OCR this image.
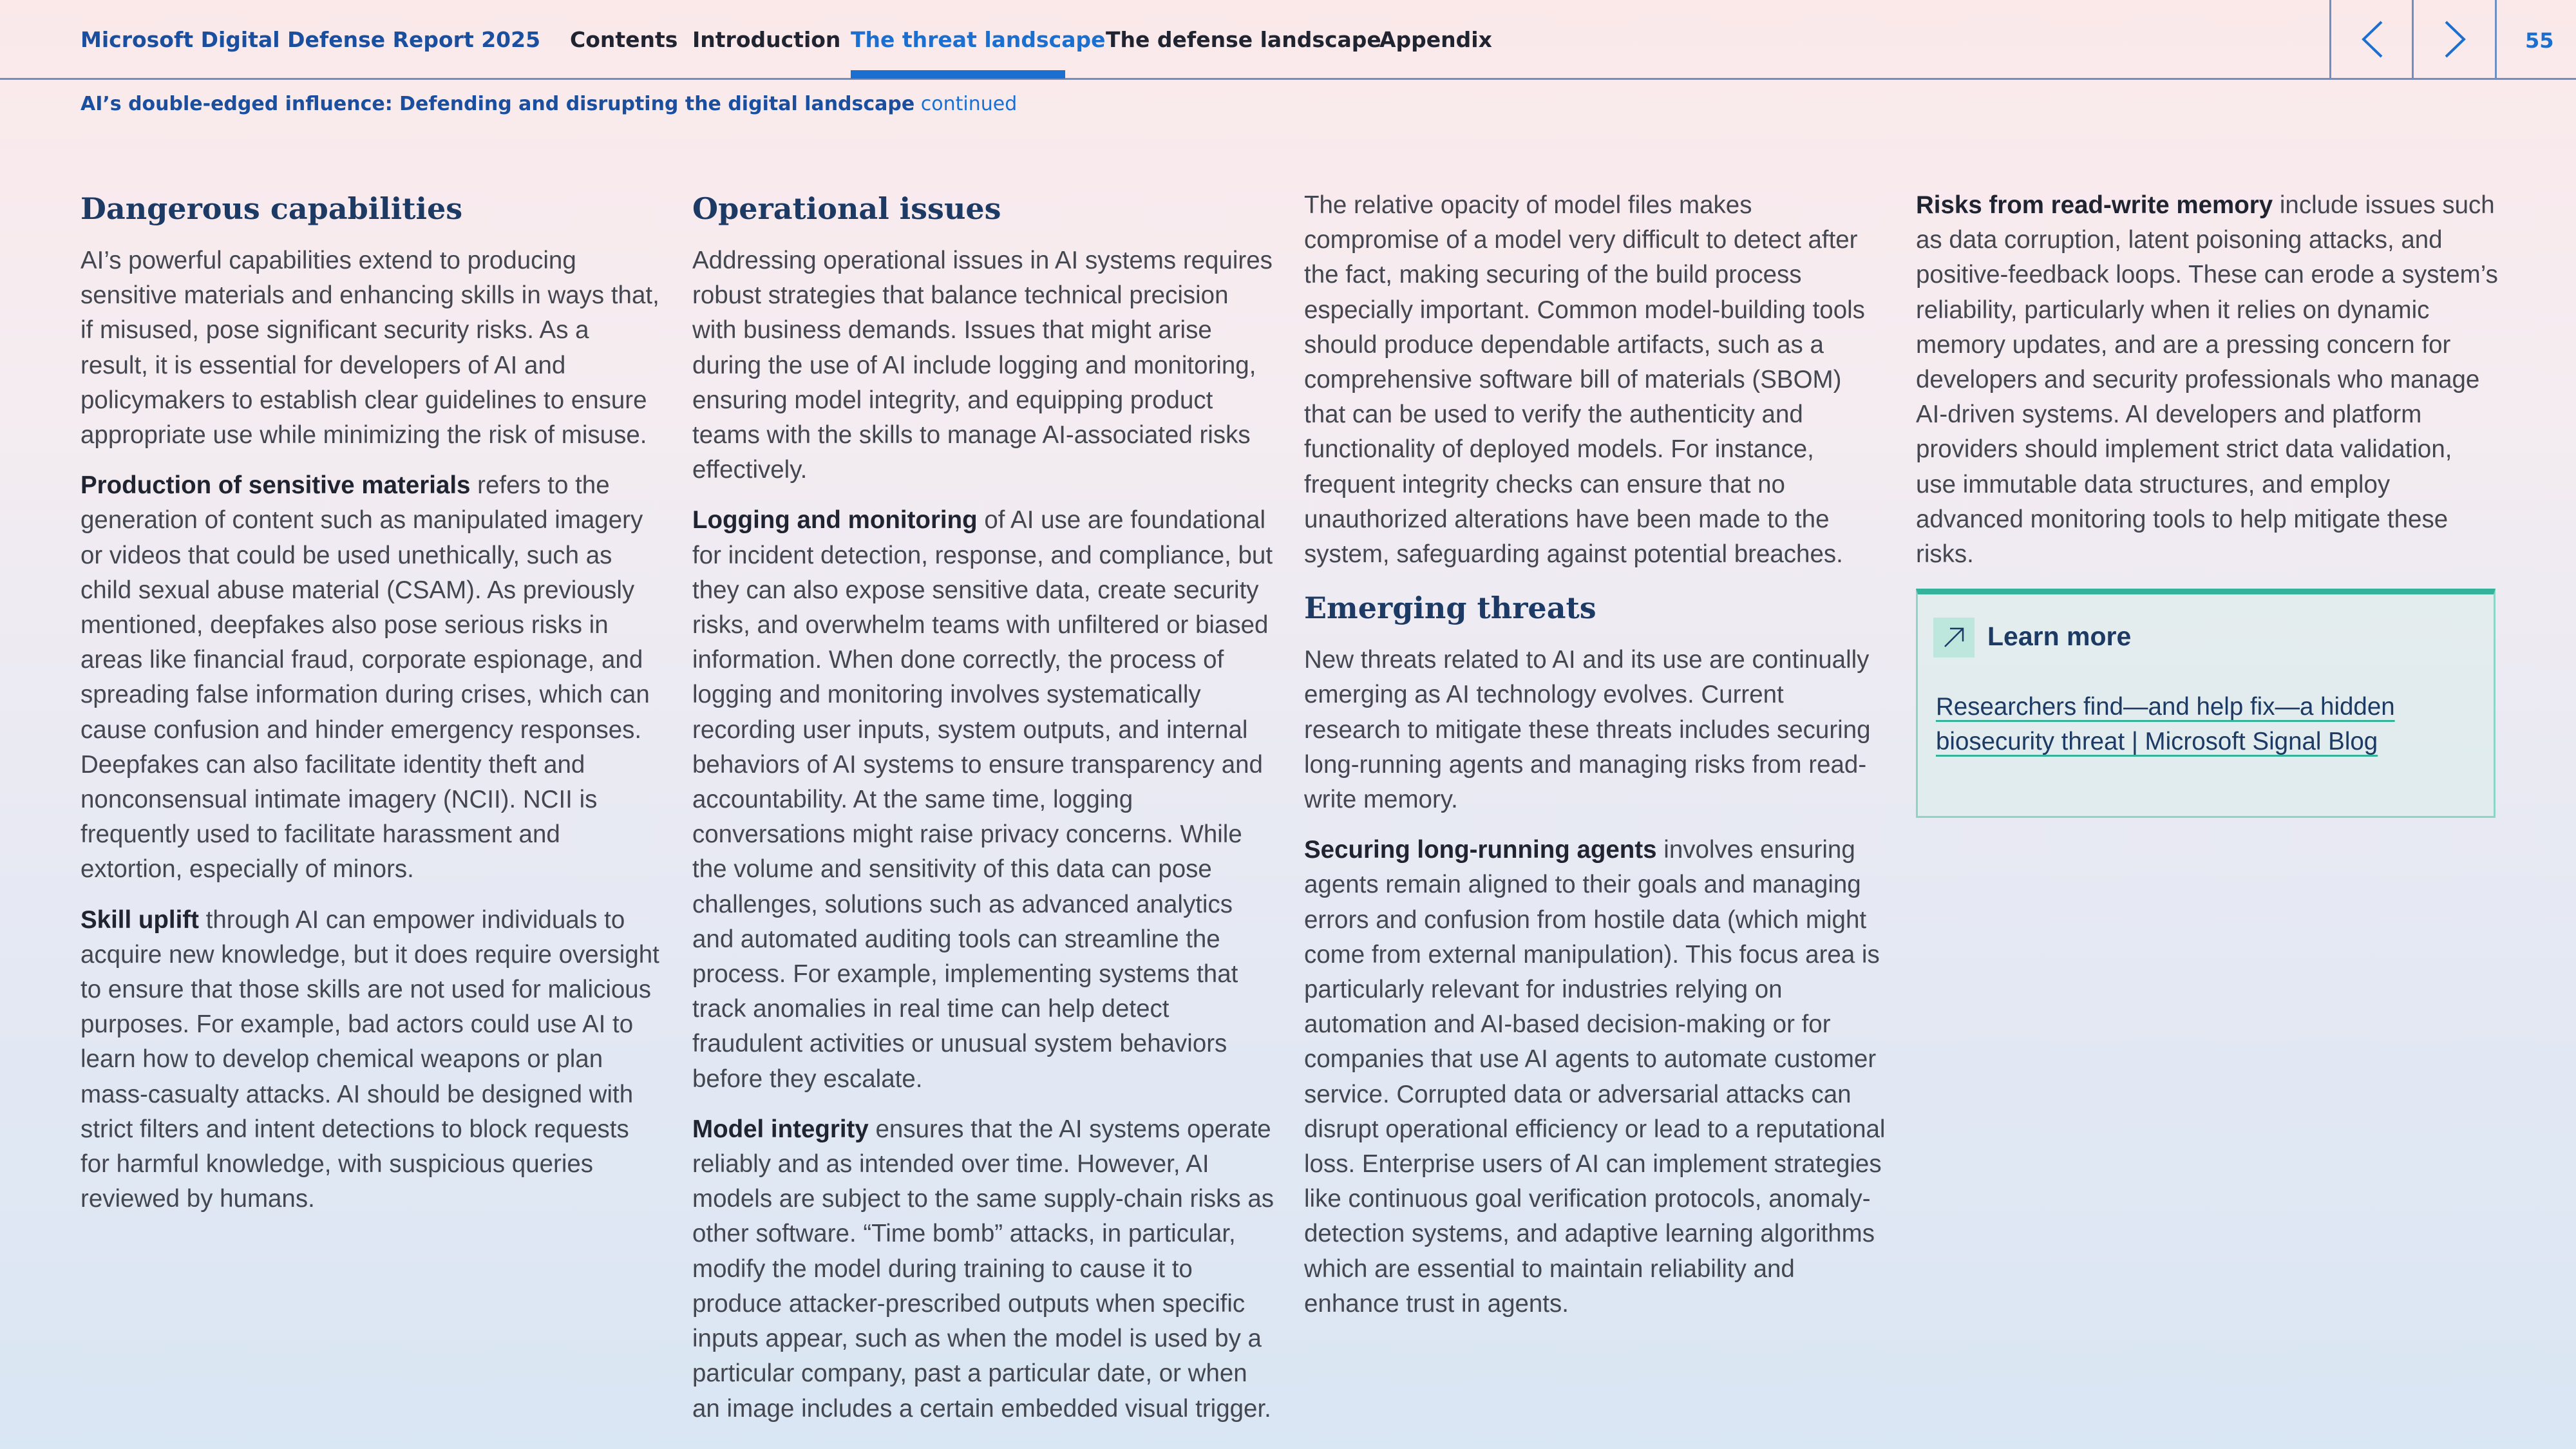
Microsoft Digital Defense Report 2025 Contents Introduction The threat landscape The defense landscape
Appendix	55
AI’s double-edged influence: Defending and disrupting the digital landscape continued
Dangerous capabilities

AI’s powerful capabilities extend to producing sensitive materials and enhancing skills in ways that, if misused, pose significant security risks. As a result, it is essential for developers of AI and policymakers to establish clear guidelines to ensure appropriate use while minimizing the risk of misuse.

Production of sensitive materials refers to the generation of content such as manipulated imagery or videos that could be used unethically, such as child sexual abuse material (CSAM). As previously mentioned, deepfakes also pose serious risks in areas like financial fraud, corporate espionage, and spreading false information during crises, which can cause confusion and hinder emergency responses. Deepfakes can also facilitate identity theft and nonconsensual intimate imagery (NCII). NCII is frequently used to facilitate harassment and extortion, especially of minors.

Skill uplift through AI can empower individuals to acquire new knowledge, but it does require oversight to ensure that those skills are not used for malicious purposes. For example, bad actors could use AI to learn how to develop chemical weapons or plan mass-casualty attacks. AI should be designed with strict filters and intent detections to block requests for harmful knowledge, with suspicious queries reviewed by humans.

Operational issues

Addressing operational issues in AI systems requires robust strategies that balance technical precision with business demands. Issues that might arise during the use of AI include logging and monitoring, ensuring model integrity, and equipping product teams with the skills to manage AI-associated risks effectively.

Logging and monitoring of AI use are foundational for incident detection, response, and compliance, but they can also expose sensitive data, create security risks, and overwhelm teams with unfiltered or biased information. When done correctly, the process of logging and monitoring involves systematically recording user inputs, system outputs, and internal behaviors of AI systems to ensure transparency and accountability. At the same time, logging conversations might raise privacy concerns. While the volume and sensitivity of this data can pose challenges, solutions such as advanced analytics and automated auditing tools can streamline the process. For example, implementing systems that track anomalies in real time can help detect fraudulent activities or unusual system behaviors before they escalate.

Model integrity ensures that the AI systems operate reliably and as intended over time. However, AI models are subject to the same supply-chain risks as other software. “Time bomb” attacks, in particular, modify the model during training to cause it to produce attacker-prescribed outputs when specific inputs appear, such as when the model is used by a particular company, past a particular date, or when an image includes a certain embedded visual trigger.

The relative opacity of model files makes compromise of a model very difficult to detect after the fact, making securing of the build process especially important. Common model-building tools should produce dependable artifacts, such as a comprehensive software bill of materials (SBOM) that can be used to verify the authenticity and functionality of deployed models. For instance, frequent integrity checks can ensure that no unauthorized alterations have been made to the system, safeguarding against potential breaches.

Emerging threats

New threats related to AI and its use are continually emerging as AI technology evolves. Current research to mitigate these threats includes securing long-running agents and managing risks from read-write memory.

Securing long-running agents involves ensuring agents remain aligned to their goals and managing errors and confusion from hostile data (which might come from external manipulation). This focus area is particularly relevant for industries relying on automation and AI-based decision-making or for companies that use AI agents to automate customer service. Corrupted data or adversarial attacks can disrupt operational efficiency or lead to a reputational loss. Enterprise users of AI can implement strategies like continuous goal verification protocols, anomaly-detection systems, and adaptive learning algorithms which are essential to maintain reliability and enhance trust in agents.

Risks from read-write memory include issues such as data corruption, latent poisoning attacks, and positive-feedback loops. These can erode a system’s reliability, particularly when it relies on dynamic memory updates, and are a pressing concern for developers and security professionals who manage AI-driven systems. AI developers and platform providers should implement strict data validation, use immutable data structures, and employ advanced monitoring tools to help mitigate these risks.

Learn more
Researchers find—and help fix—a hidden biosecurity threat | Microsoft Signal Blog
